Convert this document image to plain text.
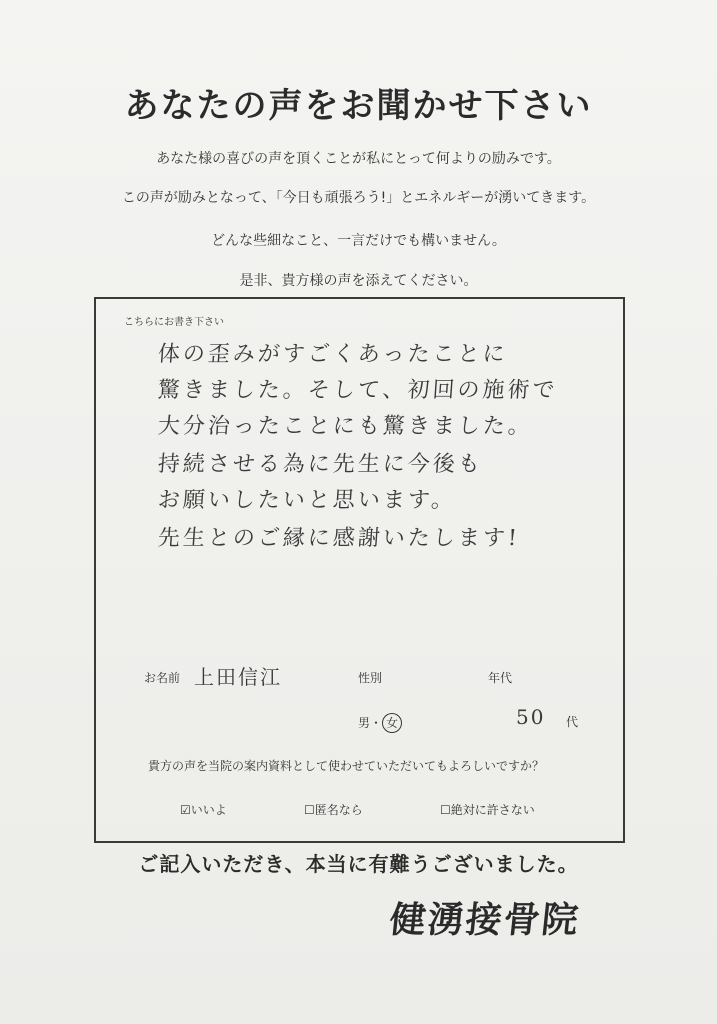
あなたの声をお聞かせ下さい
あなた様の喜びの声を頂くことが私にとって何よりの励みです。
この声が励みとなって、「今日も頑張ろう!」とエネルギーが湧いてきます。
どんな些細なこと、一言だけでも構いません。
是非、貴方様の声を添えてください。
こちらにお書き下さい
体の歪みがすごくあったことに
驚きました。そして、初回の施術で
大分治ったことにも驚きました。
持続させる為に先生に今後も
お願いしたいと思います。
先生とのご縁に感謝いたします!
お名前 上田信江	性別	年代
男・ 女	50 代
貴方の声を当院の案内資料として使わせていただいてもよろしいですか？
☑いいよ	☐匿名なら	☐絶対に許さない
ご記入いただき、本当に有難うございました。
健湧接骨院
